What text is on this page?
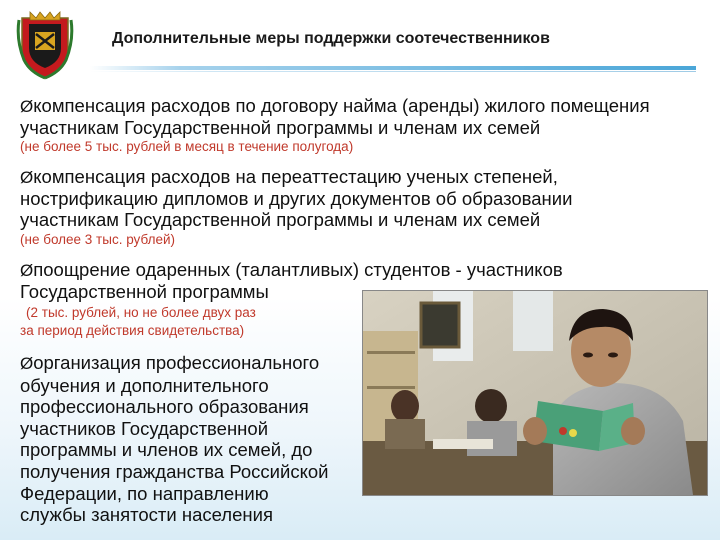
Дополнительные меры поддержки соотечественников
Øкомпенсация расходов по договору найма (аренды) жилого помещения
участникам Государственной программы и членам их семей
(не более 5 тыс. рублей в месяц в течение полугода)
Øкомпенсация расходов на переаттестацию ученых степеней,
нострификацию дипломов и других документов об образовании
участникам Государственной программы и членам их семей
(не более 3 тыс. рублей)
Øпоощрение одаренных (талантливых) студентов - участников
Государственной программы
(2 тыс. рублей, но не более двух раз
за период действия свидетельства)
Øорганизация профессионального
обучения и дополнительного
профессионального образования
участников Государственной
программы и членов их семей, до
получения гражданства Российской
Федерации, по направлению
службы занятости населения
